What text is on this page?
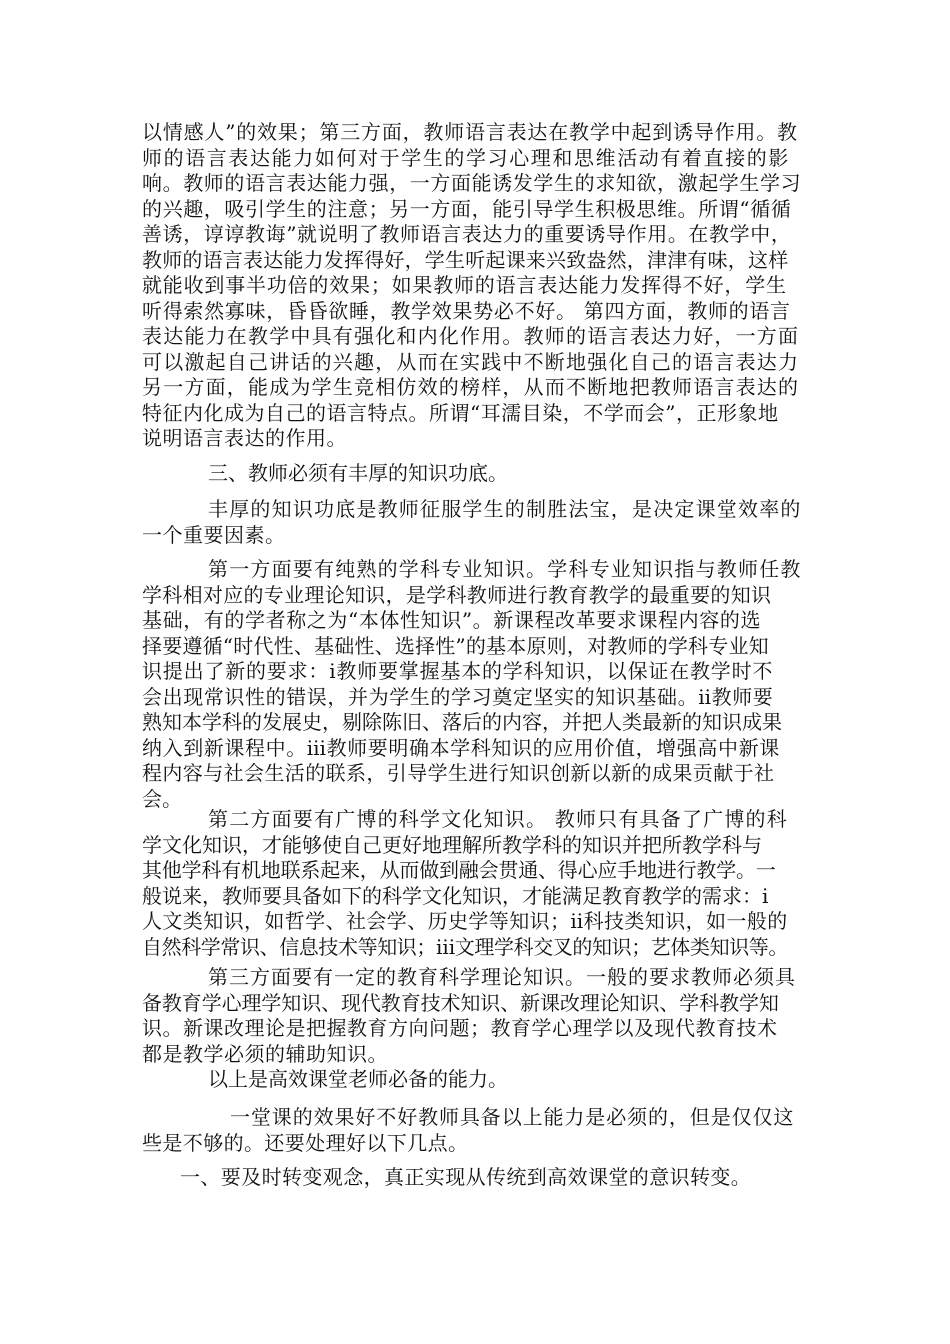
以情感人”的效果；第三方面，教师语言表达在教学中起到诱导作用。教
师的语言表达能力如何对于学生的学习心理和思维活动有着直接的影
响。教师的语言表达能力强，一方面能诱发学生的求知欲，激起学生学习
的兴趣，吸引学生的注意；另一方面，能引导学生积极思维。所谓“循循
善诱，谆谆教诲”就说明了教师语言表达力的重要诱导作用。在教学中，
教师的语言表达能力发挥得好，学生听起课来兴致盎然，津津有味，这样
就能收到事半功倍的效果；如果教师的语言表达能力发挥得不好，学生
听得索然寡味，昏昏欲睡，教学效果势必不好。 第四方面，教师的语言
表达能力在教学中具有强化和内化作用。教师的语言表达力好，一方面
可以激起自己讲话的兴趣，从而在实践中不断地强化自己的语言表达力
另一方面，能成为学生竞相仿效的榜样，从而不断地把教师语言表达的
特征内化成为自己的语言特点。所谓“耳濡目染，不学而会”，正形象地
说明语言表达的作用。
三、教师必须有丰厚的知识功底。
丰厚的知识功底是教师征服学生的制胜法宝，是决定课堂效率的
一个重要因素。
第一方面要有纯熟的学科专业知识。学科专业知识指与教师任教
学科相对应的专业理论知识，是学科教师进行教育教学的最重要的知识
基础，有的学者称之为“本体性知识”。新课程改革要求课程内容的选
择要遵循“时代性、基础性、选择性”的基本原则，对教师的学科专业知
识提出了新的要求：ⅰ教师要掌握基本的学科知识，以保证在教学时不
会出现常识性的错误，并为学生的学习奠定坚实的知识基础。ⅱ教师要
熟知本学科的发展史，剔除陈旧、落后的内容，并把人类最新的知识成果
纳入到新课程中。ⅲ教师要明确本学科知识的应用价值，增强高中新课
程内容与社会生活的联系，引导学生进行知识创新以新的成果贡献于社
会。
第二方面要有广博的科学文化知识。 教师只有具备了广博的科
学文化知识，才能够使自己更好地理解所教学科的知识并把所教学科与
其他学科有机地联系起来，从而做到融会贯通、得心应手地进行教学。一
般说来，教师要具备如下的科学文化知识，才能满足教育教学的需求：ⅰ
人文类知识，如哲学、社会学、历史学等知识；ⅱ科技类知识，如一般的
自然科学常识、信息技术等知识；ⅲ文理学科交叉的知识；艺体类知识等。
第三方面要有一定的教育科学理论知识。一般的要求教师必须具
备教育学心理学知识、现代教育技术知识、新课改理论知识、学科教学知
识。新课改理论是把握教育方向问题；教育学心理学以及现代教育技术
都是教学必须的辅助知识。
以上是高效课堂老师必备的能力。
一堂课的效果好不好教师具备以上能力是必须的，但是仅仅这
些是不够的。还要处理好以下几点。
一、要及时转变观念，真正实现从传统到高效课堂的意识转变。
